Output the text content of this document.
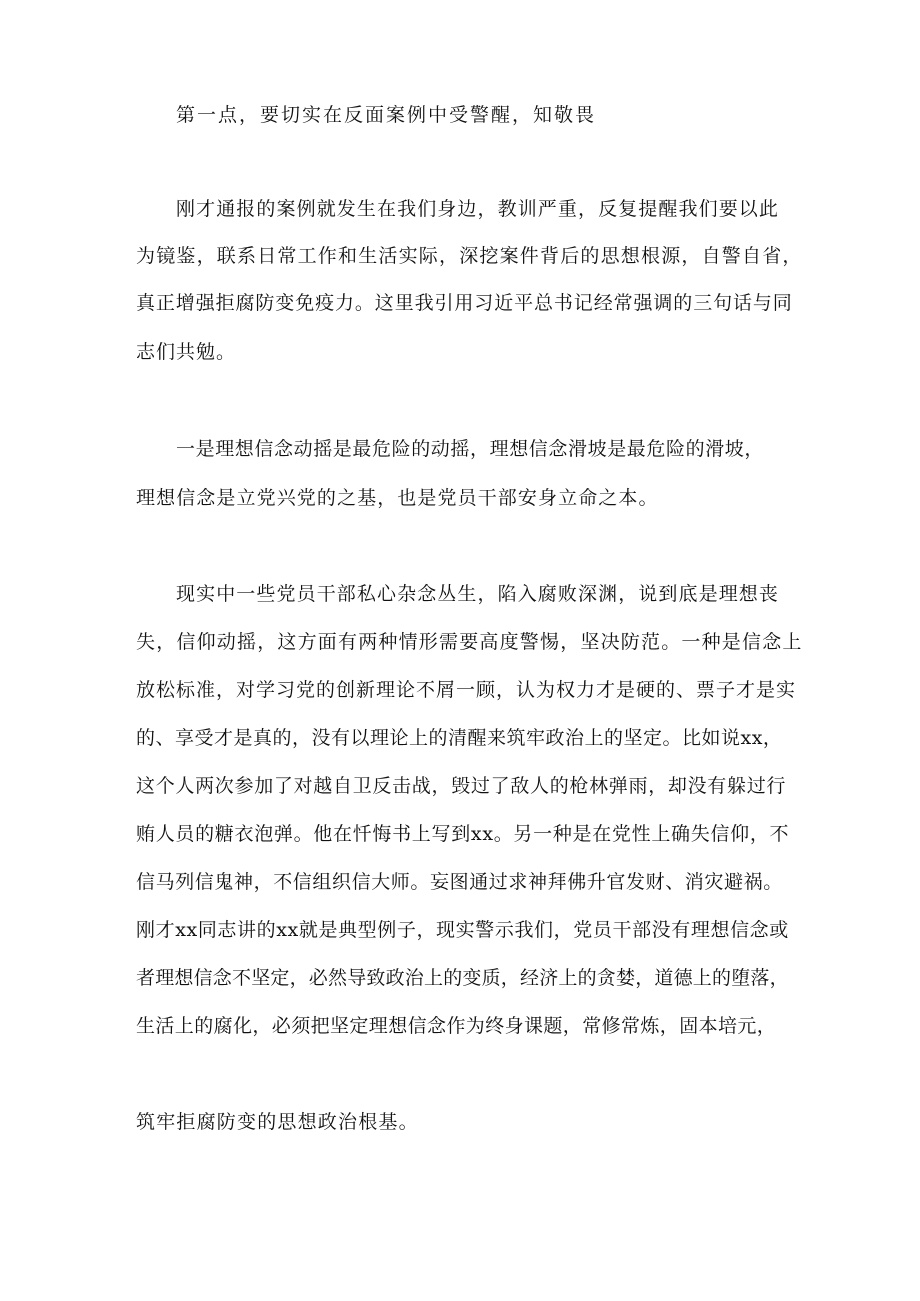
第一点，要切实在反面案例中受警醒，知敬畏
刚才通报的案例就发生在我们身边，教训严重，反复提醒我们要以此
为镜鉴，联系日常工作和生活实际，深挖案件背后的思想根源，自警自省，
真正增强拒腐防变免疫力。这里我引用习近平总书记经常强调的三句话与同
志们共勉。
一是理想信念动摇是最危险的动摇，理想信念滑坡是最危险的滑坡，
理想信念是立党兴党的之基，也是党员干部安身立命之本。
现实中一些党员干部私心杂念丛生，陷入腐败深渊，说到底是理想丧
失，信仰动摇，这方面有两种情形需要高度警惕，坚决防范。一种是信念上
放松标准，对学习党的创新理论不屑一顾，认为权力才是硬的、票子才是实
的、享受才是真的，没有以理论上的清醒来筑牢政治上的坚定。比如说xx，
这个人两次参加了对越自卫反击战，毁过了敌人的枪林弹雨，却没有躲过行
贿人员的糖衣泡弹。他在忏悔书上写到xx。另一种是在党性上确失信仰，不
信马列信鬼神，不信组织信大师。妄图通过求神拜佛升官发财、消灾避祸。
刚才xx同志讲的xx就是典型例子，现实警示我们，党员干部没有理想信念或
者理想信念不坚定，必然导致政治上的变质，经济上的贪婪，道德上的堕落，
生活上的腐化，必须把坚定理想信念作为终身课题，常修常炼，固本培元，
筑牢拒腐防变的思想政治根基。
